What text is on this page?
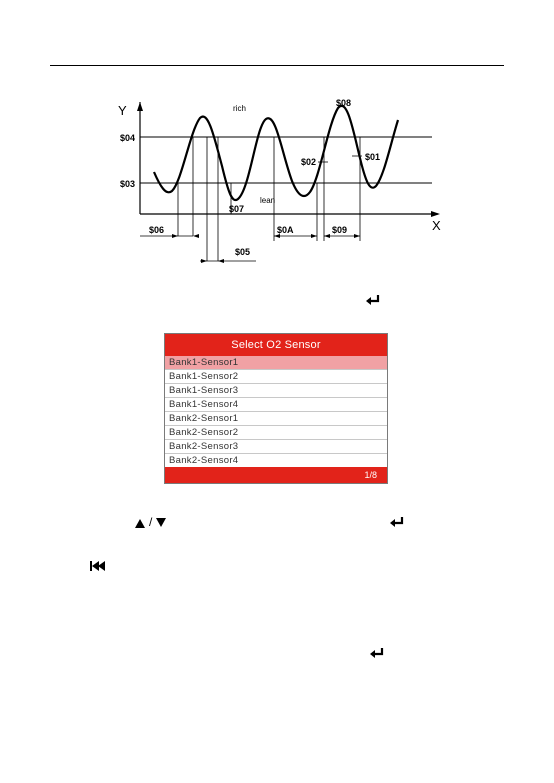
Y
X
rich
lean
$04
$03
$08
$02	$01
$07
$06
$05
$0A	$09
Select O2 Sensor
Bank1-Sensor1
Bank1-Sensor2
Bank1-Sensor3
Bank1-Sensor4
Bank2-Sensor1
Bank2-Sensor2
Bank2-Sensor3
Bank2-Sensor4
1/8
/
